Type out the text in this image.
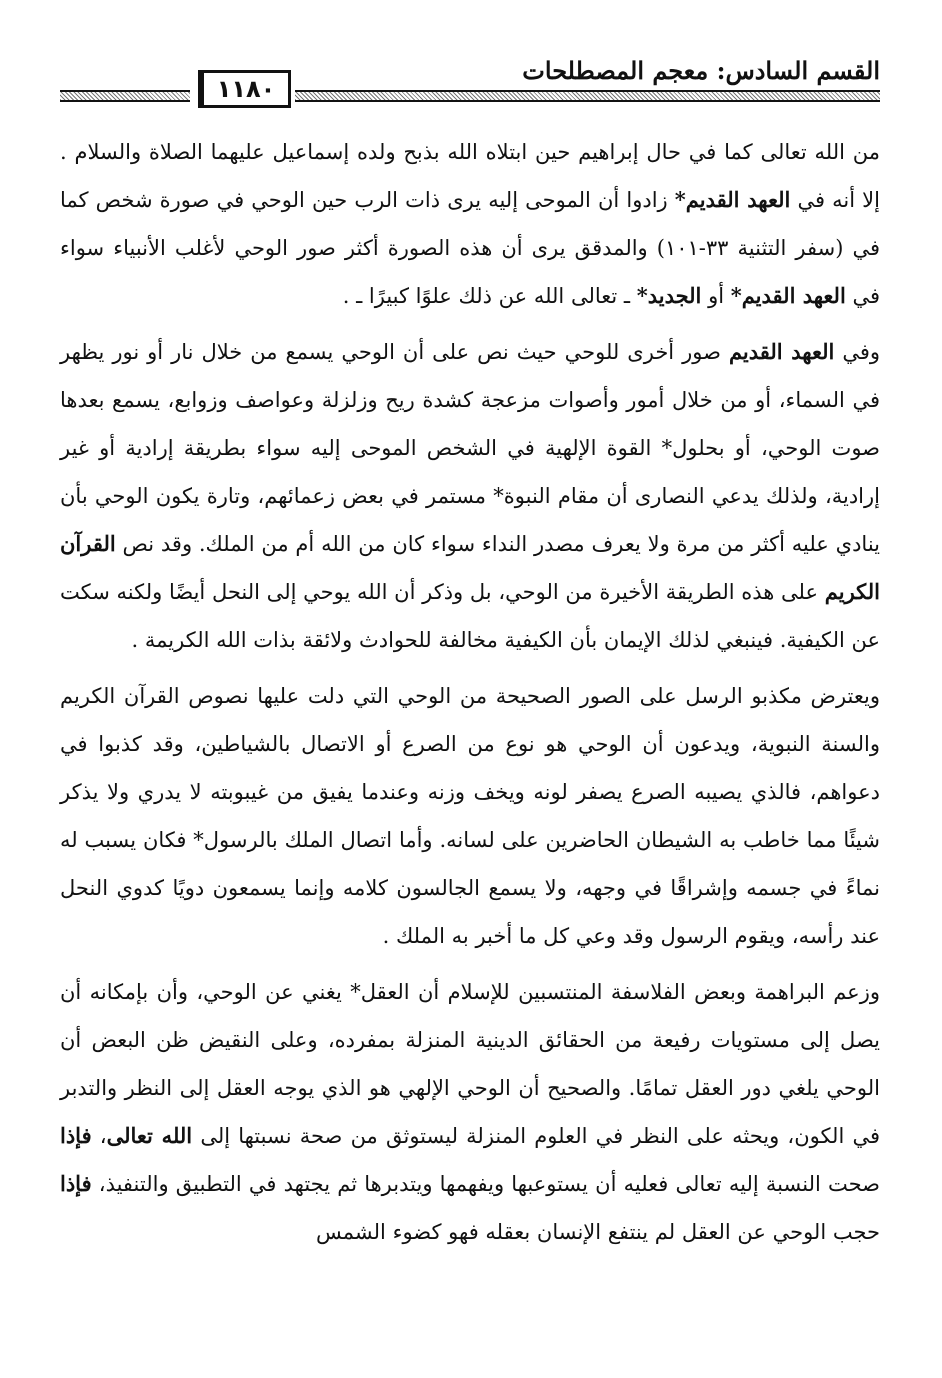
القسم السادس: معجم المصطلحات
١١٨٠

من الله تعالى كما في حال إبراهيم حين ابتلاه الله بذبح ولده إسماعيل عليهما الصلاة والسلام . إلا أنه في العهد القديم* زادوا أن الموحى إليه يرى ذات الرب حين الوحي في صورة شخص كما في (سفر التثنية ٣٣-١٠١) والمدقق يرى أن هذه الصورة أكثر صور الوحي لأغلب الأنبياء سواء في العهد القديم* أو الجديد* ـ تعالى الله عن ذلك علوًا كبيرًا ـ .

وفي العهد القديم صور أخرى للوحي حيث نص على أن الوحي يسمع من خلال نار أو نور يظهر في السماء، أو من خلال أمور وأصوات مزعجة كشدة ريح وزلزلة وعواصف وزوابع، يسمع بعدها صوت الوحي، أو بحلول* القوة الإلهية في الشخص الموحى إليه سواء بطريقة إرادية أو غير إرادية، ولذلك يدعي النصارى أن مقام النبوة* مستمر في بعض زعمائهم، وتارة يكون الوحي بأن ينادي عليه أكثر من مرة ولا يعرف مصدر النداء سواء كان من الله أم من الملك. وقد نص القرآن الكريم على هذه الطريقة الأخيرة من الوحي، بل وذكر أن الله يوحي إلى النحل أيضًا ولكنه سكت عن الكيفية. فينبغي لذلك الإيمان بأن الكيفية مخالفة للحوادث ولائقة بذات الله الكريمة .

ويعترض مكذبو الرسل على الصور الصحيحة من الوحي التي دلت عليها نصوص القرآن الكريم والسنة النبوية، ويدعون أن الوحي هو نوع من الصرع أو الاتصال بالشياطين، وقد كذبوا في دعواهم، فالذي يصيبه الصرع يصفر لونه ويخف وزنه وعندما يفيق من غيبوبته لا يدري ولا يذكر شيئًا مما خاطب به الشيطان الحاضرين على لسانه. وأما اتصال الملك بالرسول* فكان يسبب له نماءً في جسمه وإشراقًا في وجهه، ولا يسمع الجالسون كلامه وإنما يسمعون دويًا كدوي النحل عند رأسه، ويقوم الرسول وقد وعي كل ما أخبر به الملك .

وزعم البراهمة وبعض الفلاسفة المنتسبين للإسلام أن العقل* يغني عن الوحي، وأن بإمكانه أن يصل إلى مستويات رفيعة من الحقائق الدينية المنزلة بمفرده، وعلى النقيض ظن البعض أن الوحي يلغي دور العقل تمامًا. والصحيح أن الوحي الإلهي هو الذي يوجه العقل إلى النظر والتدبر في الكون، ويحثه على النظر في العلوم المنزلة ليستوثق من صحة نسبتها إلى الله تعالى، فإذا صحت النسبة إليه تعالى فعليه أن يستوعبها ويفهمها ويتدبرها ثم يجتهد في التطبيق والتنفيذ، فإذا حجب الوحي عن العقل لم ينتفع الإنسان بعقله فهو كضوء الشمس
